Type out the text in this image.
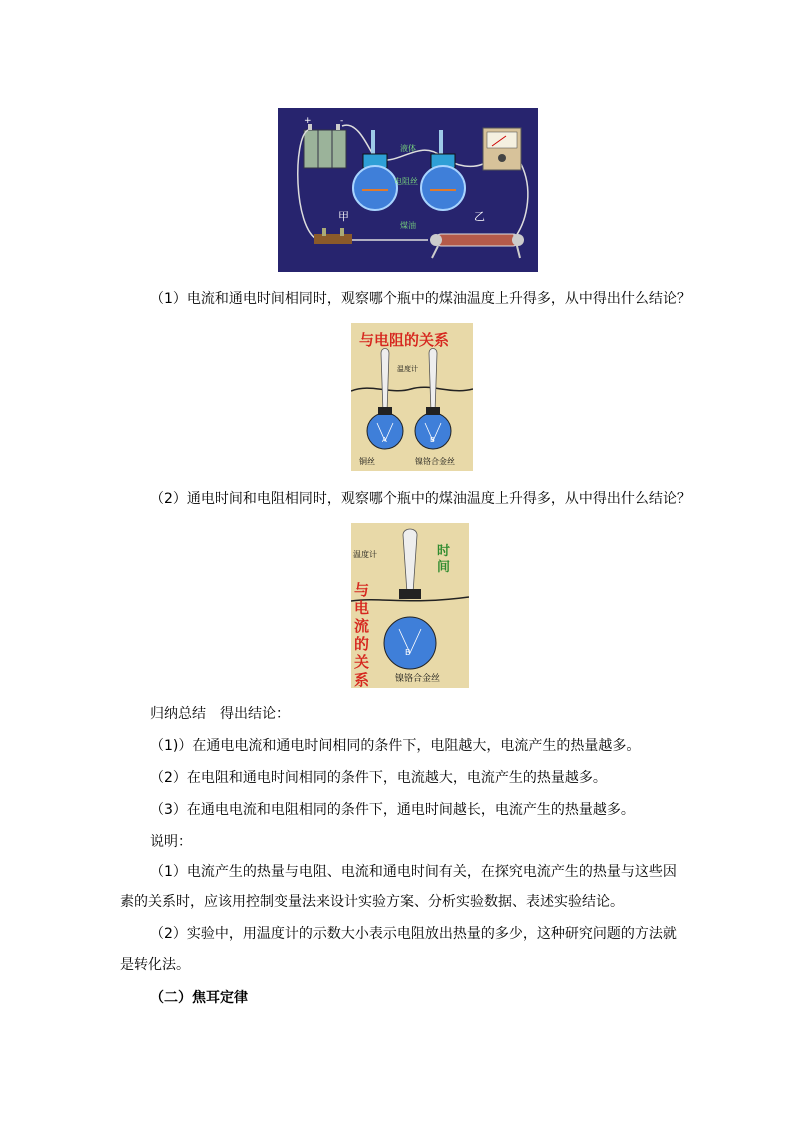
+	-
液体
电阻丝
煤油
甲	乙
（1）电流和通电时间相同时，观察哪个瓶中的煤油温度上升得多，从中得出什么结论？
与电阻的关系
温度计
A	B
铜丝	镍铬合金丝
（2）通电时间和电阻相同时，观察哪个瓶中的煤油温度上升得多，从中得出什么结论？
温度计	时
间
与
电
流
的
关
系
B
镍铬合金丝
归纳总结　得出结论：
（1)）在通电电流和通电时间相同的条件下，电阻越大，电流产生的热量越多。
（2）在电阻和通电时间相同的条件下，电流越大，电流产生的热量越多。
（3）在通电电流和电阻相同的条件下，通电时间越长，电流产生的热量越多。
说明：
（1）电流产生的热量与电阻、电流和通电时间有关，在探究电流产生的热量与这些因
素的关系时，应该用控制变量法来设计实验方案、分析实验数据、表述实验结论。
（2）实验中，用温度计的示数大小表示电阻放出热量的多少，这种研究问题的方法就
是转化法。
（二）焦耳定律
